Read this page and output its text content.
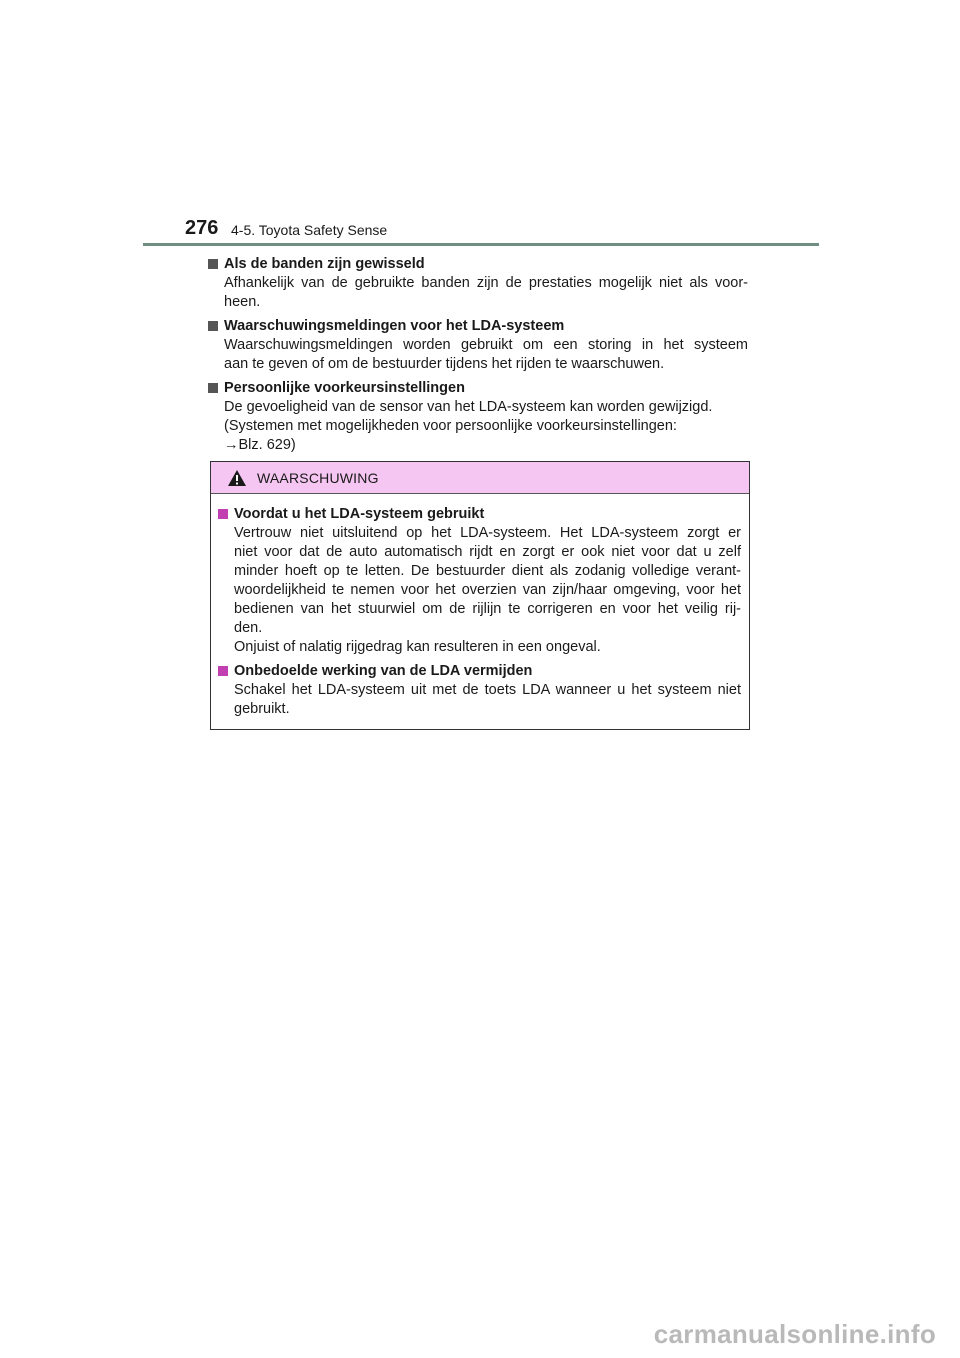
276 4-5. Toyota Safety Sense
Als de banden zijn gewisseld
Afhankelijk van de gebruikte banden zijn de prestaties mogelijk niet als voor-
heen.
Waarschuwingsmeldingen voor het LDA-systeem
Waarschuwingsmeldingen worden gebruikt om een storing in het systeem
aan te geven of om de bestuurder tijdens het rijden te waarschuwen.
Persoonlijke voorkeursinstellingen
De gevoeligheid van de sensor van het LDA-systeem kan worden gewijzigd.
(Systemen met mogelijkheden voor persoonlijke voorkeursinstellingen:
→Blz. 629)
WAARSCHUWING
Voordat u het LDA-systeem gebruikt
Vertrouw niet uitsluitend op het LDA-systeem. Het LDA-systeem zorgt er
niet voor dat de auto automatisch rijdt en zorgt er ook niet voor dat u zelf
minder hoeft op te letten. De bestuurder dient als zodanig volledige verant-
woordelijkheid te nemen voor het overzien van zijn/haar omgeving, voor het
bedienen van het stuurwiel om de rijlijn te corrigeren en voor het veilig rij-
den.
Onjuist of nalatig rijgedrag kan resulteren in een ongeval.
Onbedoelde werking van de LDA vermijden
Schakel het LDA-systeem uit met de toets LDA wanneer u het systeem niet
gebruikt.
carmanualsonline.info
